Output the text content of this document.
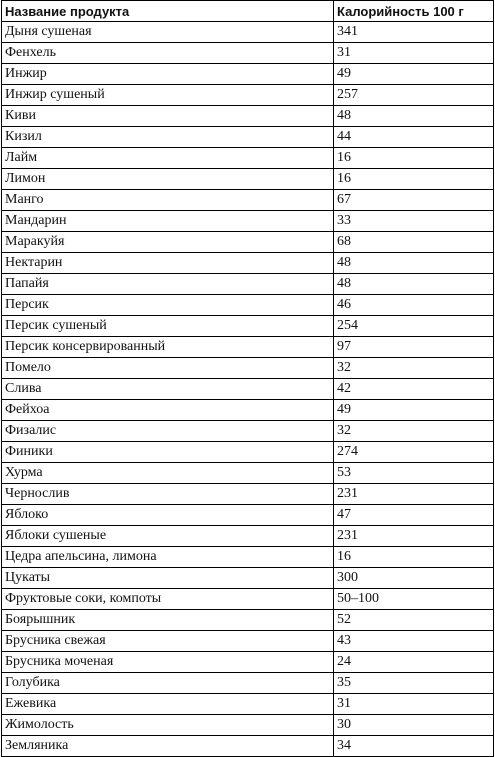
Название продукта	Калорийность 100 г
Дыня сушеная	341
Фенхель	31
Инжир	49
Инжир сушеный	257
Киви	48
Кизил	44
Лайм	16
Лимон	16
Манго	67
Мандарин	33
Маракуйя	68
Нектарин	48
Папайя	48
Персик	46
Персик сушеный	254
Персик консервированный	97
Помело	32
Слива	42
Фейхоа	49
Физалис	32
Финики	274
Хурма	53
Чернослив	231
Яблоко	47
Яблоки сушеные	231
Цедра апельсина, лимона	16
Цукаты	300
Фруктовые соки, компоты	50–100
Боярышник	52
Брусника свежая	43
Брусника моченая	24
Голубика	35
Ежевика	31
Жимолость	30
Земляника	34
